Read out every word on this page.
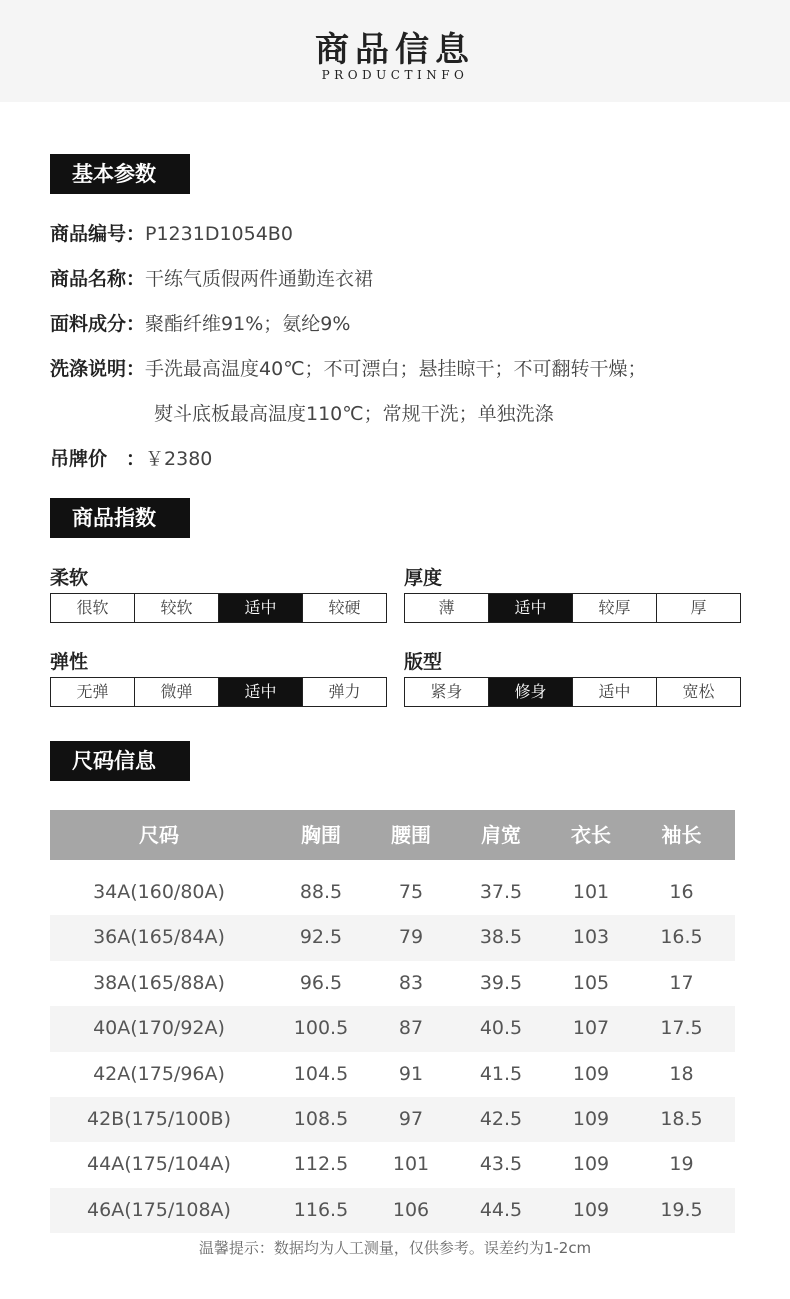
商品信息
PRODUCTINFO
基本参数
商品编号：P1231D1054B0
商品名称：干练气质假两件通勤连衣裙
面料成分：聚酯纤维91%；氨纶9%
洗涤说明：手洗最高温度40℃；不可漂白；悬挂晾干；不可翻转干燥；
熨斗底板最高温度110℃；常规干洗；单独洗涤
吊牌价　：￥2380
商品指数
柔软
很软	较软	适中	较硬
厚度
薄	适中	较厚	厚
弹性
无弹	微弹	适中	弹力
版型
紧身	修身	适中	宽松
尺码信息
尺码	胸围	腰围	肩宽	衣长	袖长
34A(160/80A)	88.5	75	37.5	101	16
36A(165/84A)	92.5	79	38.5	103	16.5
38A(165/88A)	96.5	83	39.5	105	17
40A(170/92A)	100.5	87	40.5	107	17.5
42A(175/96A)	104.5	91	41.5	109	18
42B(175/100B)	108.5	97	42.5	109	18.5
44A(175/104A)	112.5	101	43.5	109	19
46A(175/108A)	116.5	106	44.5	109	19.5
温馨提示：数据均为人工测量，仅供参考。误差约为1-2cm
